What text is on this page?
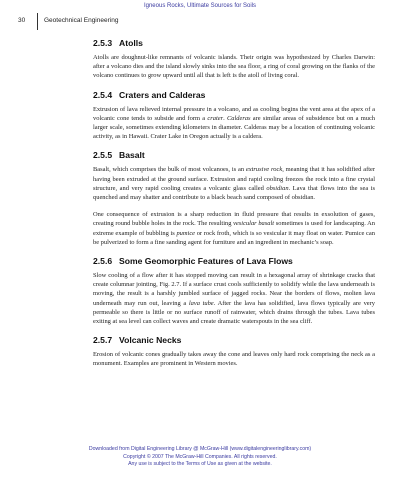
Igneous Rocks, Ultimate Sources for Soils
30	Geotechnical Engineering
2.5.3 Atolls

Atolls are doughnut-like remnants of volcanic islands. Their origin was hypothesized by Charles Darwin: after a volcano dies and the island slowly sinks into the sea floor, a ring of coral growing on the flanks of the volcano continues to grow upward until all that is left is the atoll of living coral.

2.5.4 Craters and Calderas

Extrusion of lava relieved internal pressure in a volcano, and as cooling begins the vent area at the apex of a volcanic cone tends to subside and form a crater. Calderas are similar areas of subsidence but on a much larger scale, sometimes extending kilometers in diameter. Calderas may be a location of continuing volcanic activity, as in Hawaii. Crater Lake in Oregon actually is a caldera.

2.5.5 Basalt

Basalt, which comprises the bulk of most volcanoes, is an extrusive rock, meaning that it has solidified after having been extruded at the ground surface. Extrusion and rapid cooling freezes the rock into a fine crystal structure, and very rapid cooling creates a volcanic glass called obsidian. Lava that flows into the sea is quenched and may shatter and contribute to a black beach sand composed of obsidian.

One consequence of extrusion is a sharp reduction in fluid pressure that results in exsolution of gases, creating round bubble holes in the rock. The resulting vesicular basalt sometimes is used for landscaping. An extreme example of bubbling is pumice or rock froth, which is so vesicular it may float on water. Pumice can be pulverized to form a fine sanding agent for furniture and an ingredient in mechanic’s soap.

2.5.6 Some Geomorphic Features of Lava Flows

Slow cooling of a flow after it has stopped moving can result in a hexagonal array of shrinkage cracks that create columnar jointing, Fig. 2.7. If a surface crust cools sufficiently to solidify while the lava underneath is moving, the result is a harshly jumbled surface of jagged rocks. Near the borders of flows, molten lava underneath may run out, leaving a lava tube. After the lava has solidified, lava flows typically are very permeable so there is little or no surface runoff of rainwater, which drains through the tubes. Lava tubes exiting at sea level can collect waves and create dramatic waterspouts in the sea cliff.

2.5.7 Volcanic Necks

Erosion of volcanic cones gradually takes away the cone and leaves only hard rock comprising the neck as a monument. Examples are prominent in Western movies.

Downloaded from Digital Engineering Library @ McGraw-Hill (www.digitalengineeringlibrary.com)
Copyright © 2007 The McGraw-Hill Companies. All rights reserved.
Any use is subject to the Terms of Use as given at the website.
